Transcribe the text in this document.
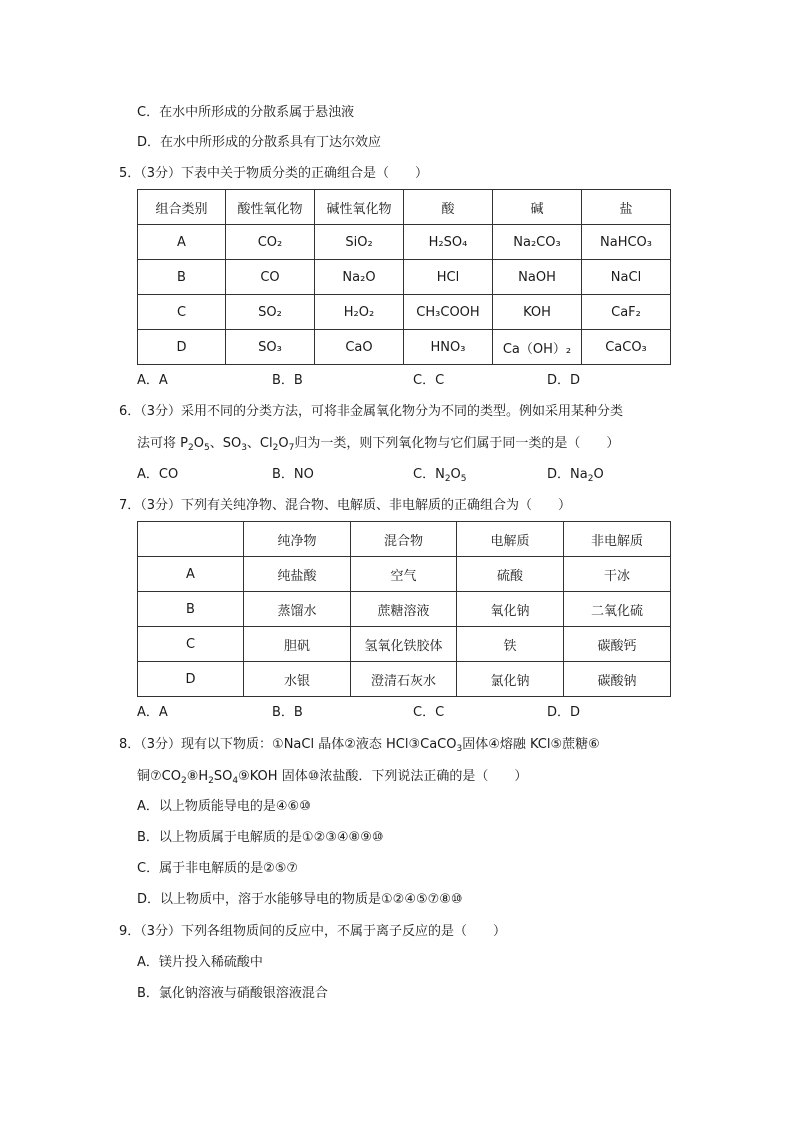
C．在水中所形成的分散系属于悬浊液
D．在水中所形成的分散系具有丁达尔效应
5．（3分）下表中关于物质分类的正确组合是（　　）
组合类别	酸性氧化物	碱性氧化物	酸	碱	盐
A	CO₂	SiO₂	H₂SO₄	Na₂CO₃	NaHCO₃
B	CO	Na₂O	HCl	NaOH	NaCl
C	SO₂	H₂O₂	CH₃COOH	KOH	CaF₂
D	SO₃	CaO	HNO₃	Ca（OH）₂	CaCO₃
A．A	B．B	C．C	D．D
6．（3分）采用不同的分类方法，可将非金属氧化物分为不同的类型。例如采用某种分类
法可将 $P_2O_5$、$SO_3$、$Cl_2O_7$归为一类，则下列氧化物与它们属于同一类的是（　　）
A．CO	B．NO	C．$N_2O_5$	D．$Na_2O$
7．（3分）下列有关纯净物、混合物、电解质、非电解质的正确组合为（　　）
	纯净物	混合物	电解质	非电解质
A	纯盐酸	空气	硫酸	干冰
B	蒸馏水	蔗糖溶液	氧化钠	二氧化硫
C	胆矾	氢氧化铁胶体	铁	碳酸钙
D	水银	澄清石灰水	氯化钠	碳酸钠
A．A	B．B	C．C	D．D
8．（3分）现有以下物质：①NaCl 晶体②液态 HCl③CaCO$_3$固体④熔融 KCl⑤蔗糖⑥
铜$⑦CO_2⑧H_2SO_4⑨KOH$ 固体⑩浓盐酸．下列说法正确的是（　　）
A．以上物质能导电的是④⑥⑩
B．以上物质属于电解质的是①②③④⑧⑨⑩
C．属于非电解质的是②⑤⑦
D．以上物质中，溶于水能够导电的物质是①②④⑤⑦⑧⑩
9．（3分）下列各组物质间的反应中，不属于离子反应的是（　　）
A．镁片投入稀硫酸中
B．氯化钠溶液与硝酸银溶液混合
